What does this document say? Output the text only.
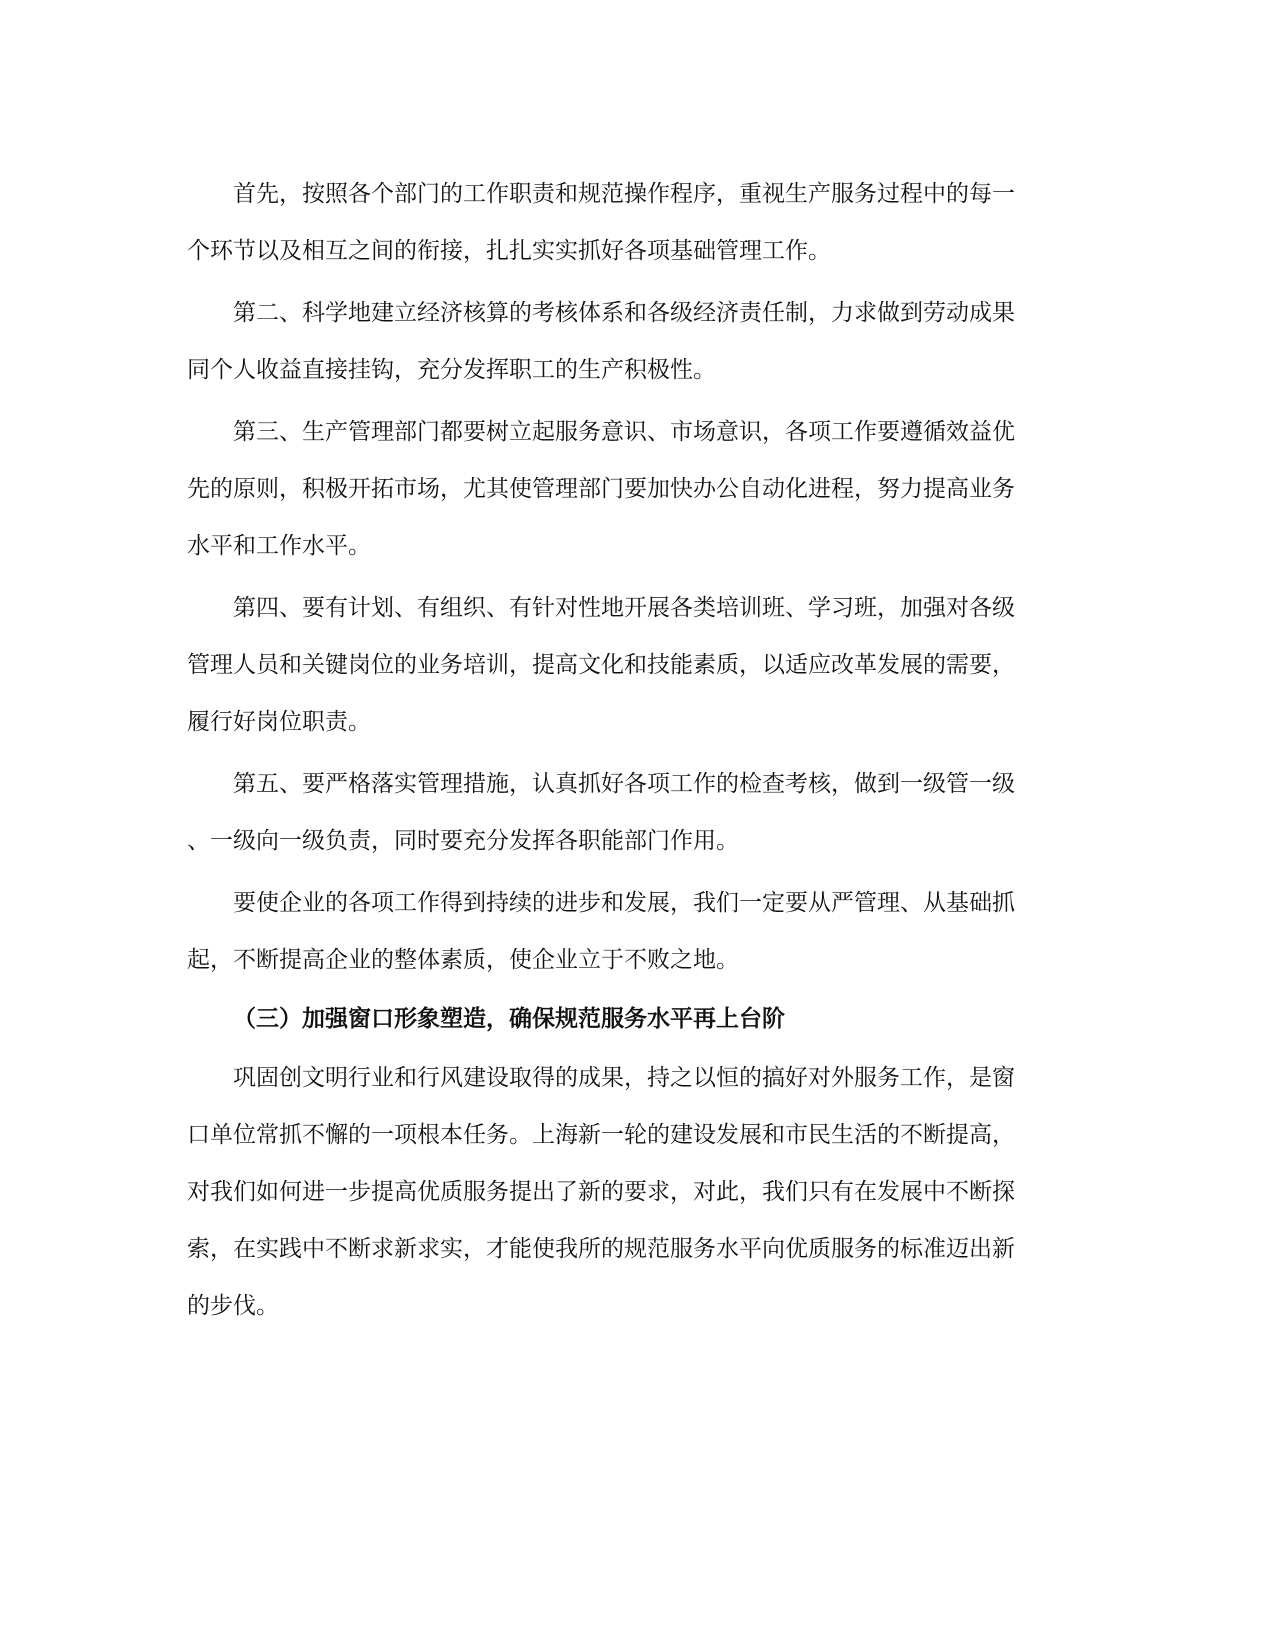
首先，按照各个部门的工作职责和规范操作程序，重视生产服务过程中的每一

个环节以及相互之间的衔接，扎扎实实抓好各项基础管理工作。

第二、科学地建立经济核算的考核体系和各级经济责任制，力求做到劳动成果

同个人收益直接挂钩，充分发挥职工的生产积极性。

第三、生产管理部门都要树立起服务意识、市场意识，各项工作要遵循效益优

先的原则，积极开拓市场，尤其使管理部门要加快办公自动化进程，努力提高业务

水平和工作水平。

第四、要有计划、有组织、有针对性地开展各类培训班、学习班，加强对各级

管理人员和关键岗位的业务培训，提高文化和技能素质，以适应改革发展的需要，

履行好岗位职责。

第五、要严格落实管理措施，认真抓好各项工作的检查考核，做到一级管一级

、一级向一级负责，同时要充分发挥各职能部门作用。

要使企业的各项工作得到持续的进步和发展，我们一定要从严管理、从基础抓

起，不断提高企业的整体素质，使企业立于不败之地。

（三）加强窗口形象塑造，确保规范服务水平再上台阶

巩固创文明行业和行风建设取得的成果，持之以恒的搞好对外服务工作，是窗

口单位常抓不懈的一项根本任务。上海新一轮的建设发展和市民生活的不断提高，

对我们如何进一步提高优质服务提出了新的要求，对此，我们只有在发展中不断探

索，在实践中不断求新求实，才能使我所的规范服务水平向优质服务的标准迈出新

的步伐。
